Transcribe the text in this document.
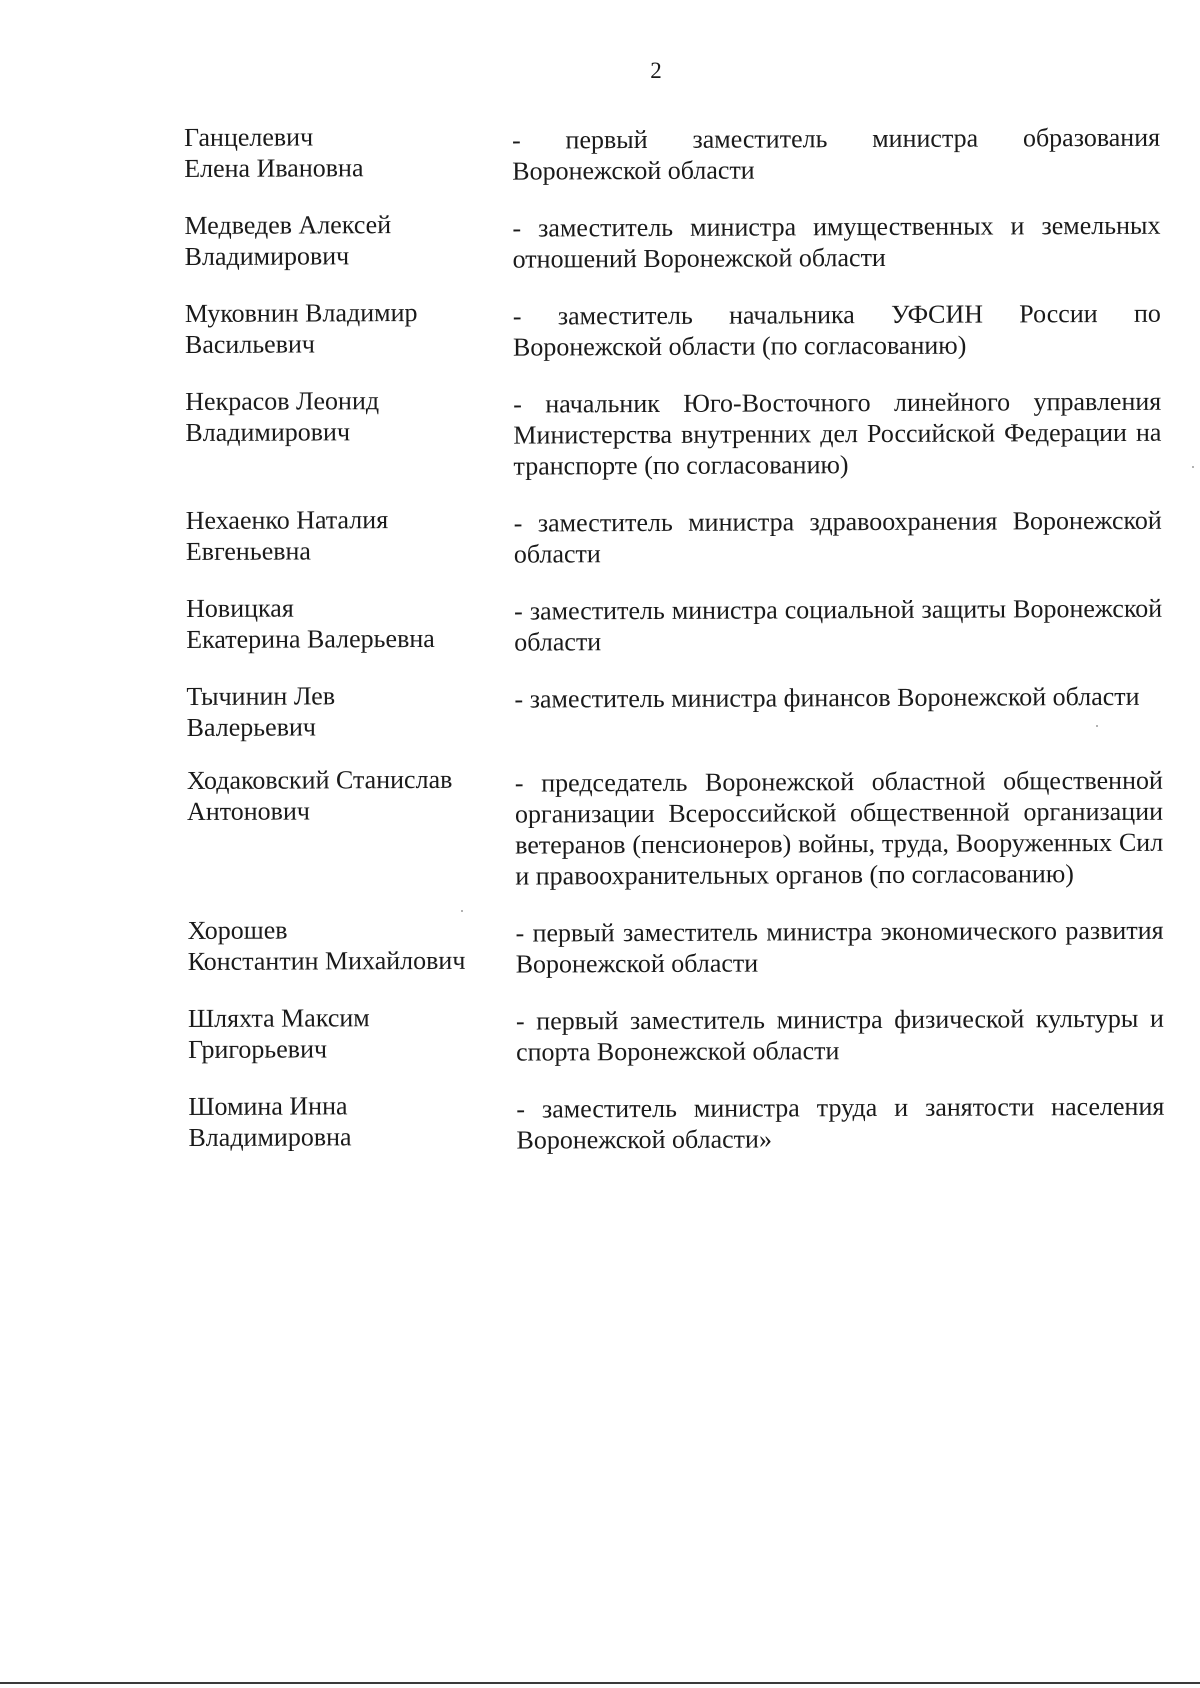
2
Ганцелевич
Елена Ивановна
- первый заместитель министра образования Воронежской области
Медведев Алексей
Владимирович
- заместитель министра имущественных и земельных отношений Воронежской области
Муковнин Владимир
Васильевич
- заместитель начальника УФСИН России по Воронежской области (по согласованию)
Некрасов Леонид
Владимирович
- начальник Юго-Восточного линейного управления Министерства внутренних дел Российской Федерации на транспорте (по согласованию)
Нехаенко Наталия
Евгеньевна
- заместитель министра здравоохранения Воронежской области
Новицкая
Екатерина Валерьевна
- заместитель министра социальной защиты Воронежской области
Тычинин Лев
Валерьевич
- заместитель министра финансов Воронежской области
Ходаковский Станислав
Антонович
- председатель Воронежской областной общественной организации Всероссийской общественной организации ветеранов (пенсионеров) войны, труда, Вооруженных Сил и правоохранительных органов (по согласованию)
Хорошев
Константин Михайлович
- первый заместитель министра экономического развития Воронежской области
Шляхта Максим
Григорьевич
- первый заместитель министра физической культуры и спорта Воронежской области
Шомина Инна
Владимировна
- заместитель министра труда и занятости населения Воронежской области»
